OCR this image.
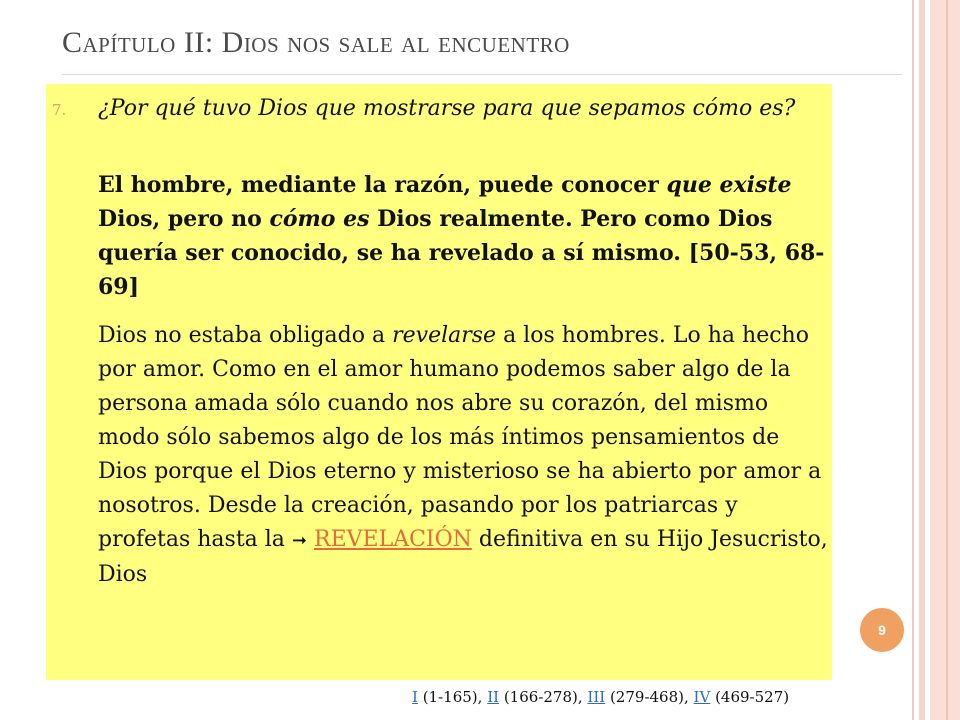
Capítulo II: Dios nos sale al encuentro
7. ¿Por qué tuvo Dios que mostrarse para que sepamos cómo es?
El hombre, mediante la razón, puede conocer que existe Dios, pero no cómo es Dios realmente. Pero como Dios quería ser conocido, se ha revelado a sí mismo. [50-53, 68-69]
Dios no estaba obligado a revelarse a los hombres. Lo ha hecho por amor. Como en el amor humano podemos saber algo de la persona amada sólo cuando nos abre su corazón, del mismo modo sólo sabemos algo de los más íntimos pensamientos de Dios porque el Dios eterno y misterioso se ha abierto por amor a nosotros. Desde la creación, pasando por los patriarcas y profetas hasta la ➞ REVELACIÓN definitiva en su Hijo Jesucristo, Dios
9
I (1-165), II (166-278), III (279-468), IV (469-527)
